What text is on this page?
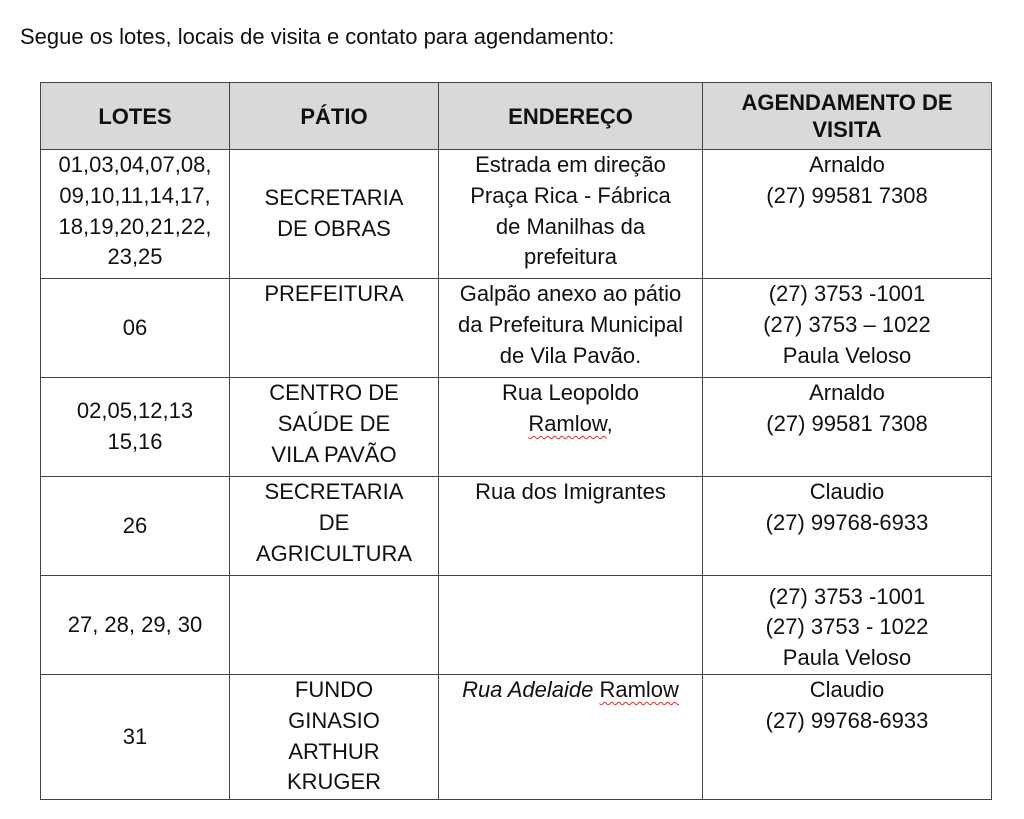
Segue os lotes, locais de visita e contato para agendamento:

LOTES	PÁTIO	ENDEREÇO	AGENDAMENTO DE
VISITA

01,03,04,07,08,
09,10,11,14,17,
18,19,20,21,22,
23,25	SECRETARIA
DE OBRAS	Estrada em direção
Praça Rica - Fábrica
de Manilhas da
prefeitura	Arnaldo
(27) 99581 7308

06	PREFEITURA	Galpão anexo ao pátio
da Prefeitura Municipal
de Vila Pavão.	(27) 3753 -1001
(27) 3753 – 1022
Paula Veloso

02,05,12,13
15,16	CENTRO DE
SAÚDE DE
VILA PAVÃO	Rua Leopoldo
Ramlow,	Arnaldo
(27) 99581 7308

26	SECRETARIA
DE
AGRICULTURA	Rua dos Imigrantes	Claudio
(27) 99768-6933

27, 28, 29, 30			(27) 3753 -1001
(27) 3753 - 1022
Paula Veloso

31	FUNDO
GINASIO
ARTHUR
KRUGER	Rua Adelaide Ramlow	Claudio
(27) 99768-6933
